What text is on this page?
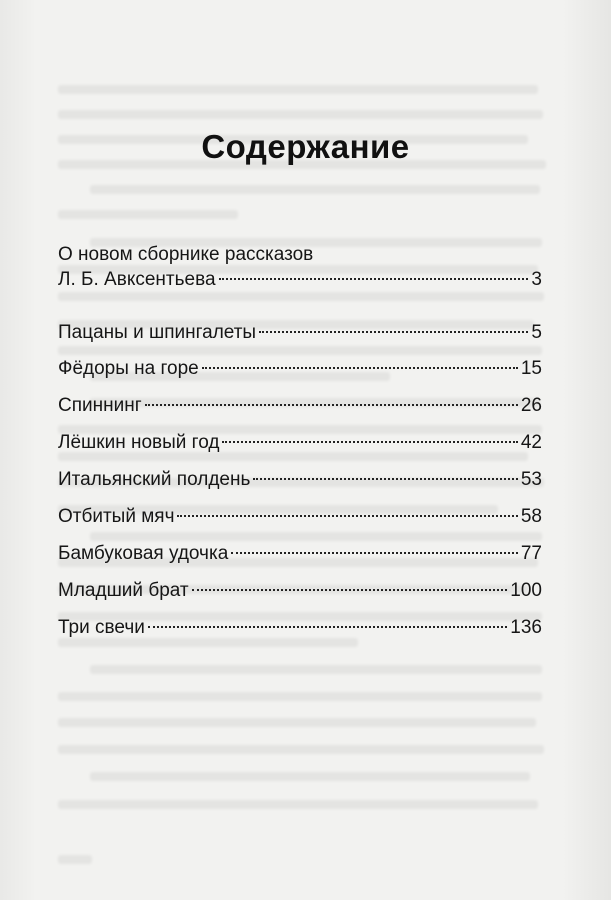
Содержание
О новом сборнике рассказов
Л. Б. Авксентьева	3
Пацаны и шпингалеты	5
Фёдоры на горе	15
Спиннинг	26
Лёшкин новый год	42
Итальянский полдень	53
Отбитый мяч	58
Бамбуковая удочка	77
Младший брат	100
Три свечи	136
